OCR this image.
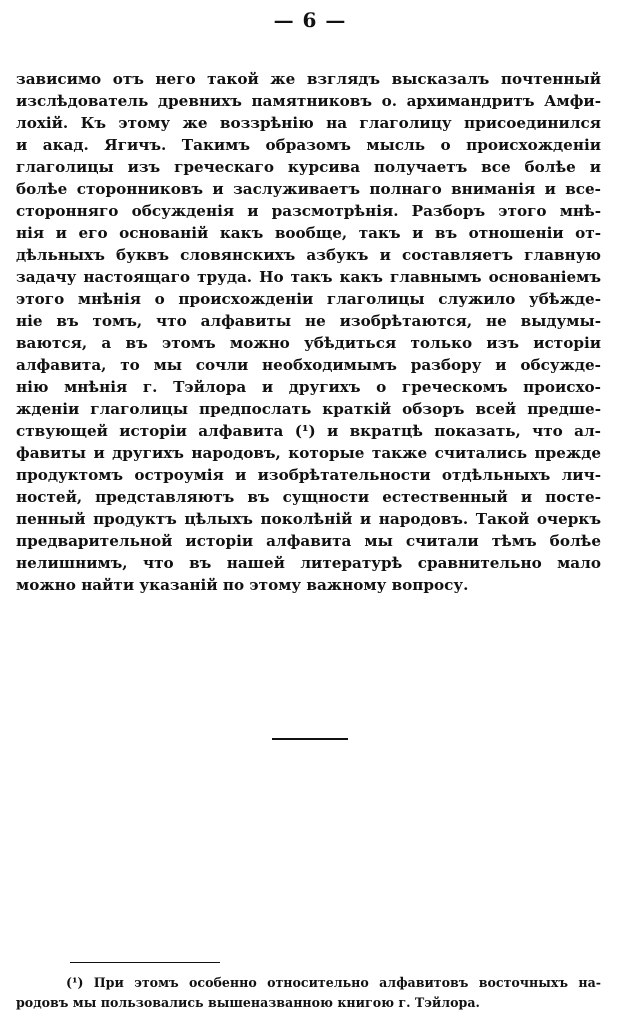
— 6 —
зависимо отъ него такой же взглядъ высказалъ почтенный
изслѣдователь древнихъ памятниковъ о. архимандритъ Амфи-
лохій. Къ этому же воззрѣнію на глаголицу присоединился
и акад. Ягичъ. Такимъ образомъ мысль о происхожденіи
глаголицы изъ греческаго курсива получаетъ все болѣе и
болѣе сторонниковъ и заслуживаетъ полнаго вниманія и все-
сторонняго обсужденія и разсмотрѣнія. Разборъ этого мнѣ-
нія и его основаній какъ вообще, такъ и въ отношеніи от-
дѣльныхъ буквъ словянскихъ азбукъ и составляетъ главную
задачу настоящаго труда. Но такъ какъ главнымъ основаніемъ
этого мнѣнія о происхожденіи глаголицы служило убѣжде-
ніе въ томъ, что алфавиты не изобрѣтаются, не выдумы-
ваются, а въ этомъ можно убѣдиться только изъ исторіи
алфавита, то мы сочли необходимымъ разбору и обсужде-
нію мнѣнія г. Тэйлора и другихъ о греческомъ происхо-
жденіи глаголицы предпослать краткій обзоръ всей предше-
ствующей исторіи алфавита (¹) и вкратцѣ показать, что ал-
фавиты и другихъ народовъ, которые также считались прежде
продуктомъ остроумія и изобрѣтательности отдѣльныхъ лич-
ностей, представляютъ въ сущности естественный и посте-
пенный продуктъ цѣлыхъ поколѣній и народовъ. Такой очеркъ
предварительной исторіи алфавита мы считали тѣмъ болѣе
нелишнимъ, что въ нашей литературѣ сравнительно мало
можно найти указаній по этому важному вопросу.
(¹) При этомъ особенно относительно алфавитовъ восточныхъ на-
родовъ мы пользовались вышеназванною книгою г. Тэйлора.
